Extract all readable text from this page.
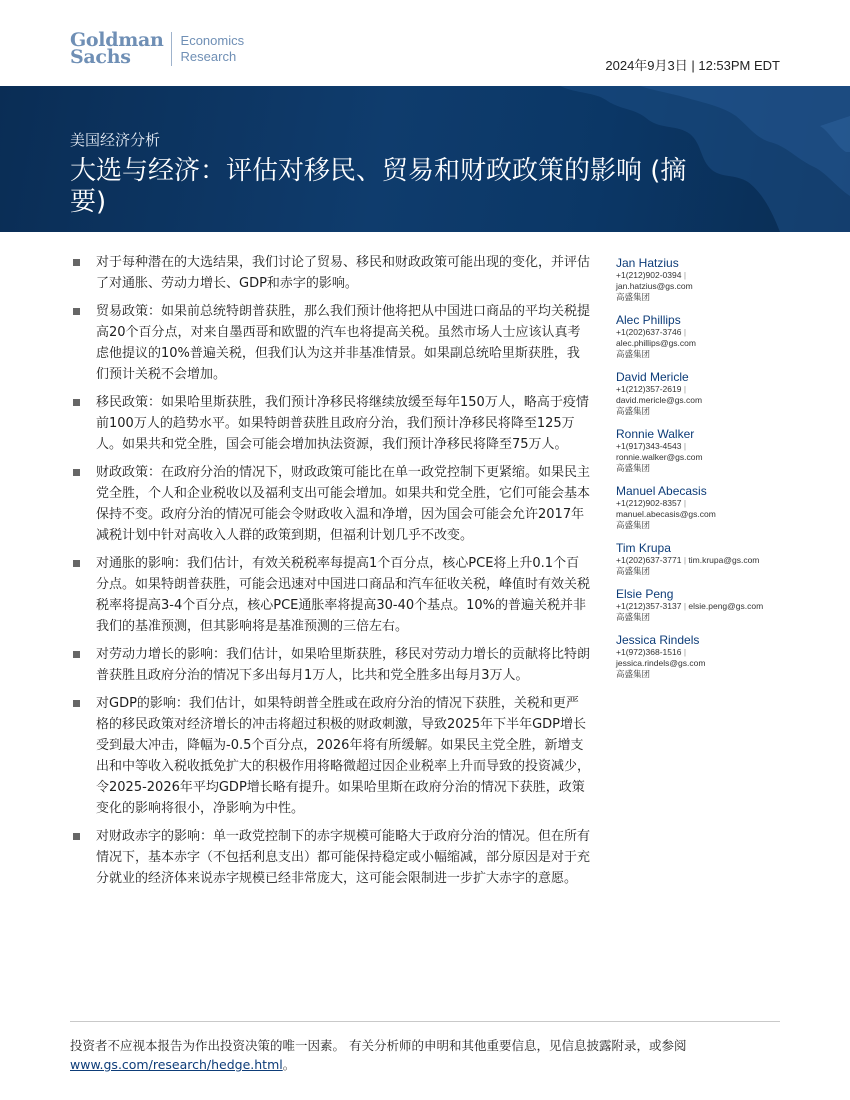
Goldman
Sachs
Economics
Research
2024年9月3日 | 12:53PM EDT
美国经济分析
大选与经济：评估对移民、贸易和财政政策的影响 (摘要)
对于每种潜在的大选结果，我们讨论了贸易、移民和财政政策可能出现的变化，并评估了对通胀、劳动力增长、GDP和赤字的影响。
贸易政策：如果前总统特朗普获胜，那么我们预计他将把从中国进口商品的平均关税提高20个百分点，对来自墨西哥和欧盟的汽车也将提高关税。虽然市场人士应该认真考虑他提议的10%普遍关税，但我们认为这并非基准情景。如果副总统哈里斯获胜，我们预计关税不会增加。
移民政策：如果哈里斯获胜，我们预计净移民将继续放缓至每年150万人，略高于疫情前100万人的趋势水平。如果特朗普获胜且政府分治，我们预计净移民将降至125万人。如果共和党全胜，国会可能会增加执法资源，我们预计净移民将降至75万人。
财政政策：在政府分治的情况下，财政政策可能比在单一政党控制下更紧缩。如果民主党全胜，个人和企业税收以及福利支出可能会增加。如果共和党全胜，它们可能会基本保持不变。政府分治的情况可能会令财政收入温和净增，因为国会可能会允许2017年减税计划中针对高收入人群的政策到期，但福利计划几乎不改变。
对通胀的影响：我们估计，有效关税税率每提高1个百分点，核心PCE将上升0.1个百分点。如果特朗普获胜，可能会迅速对中国进口商品和汽车征收关税，峰值时有效关税税率将提高3-4个百分点，核心PCE通胀率将提高30-40个基点。10%的普遍关税并非我们的基准预测，但其影响将是基准预测的三倍左右。
对劳动力增长的影响：我们估计，如果哈里斯获胜，移民对劳动力增长的贡献将比特朗普获胜且政府分治的情况下多出每月1万人，比共和党全胜多出每月3万人。
对GDP的影响：我们估计，如果特朗普全胜或在政府分治的情况下获胜，关税和更严格的移民政策对经济增长的冲击将超过积极的财政刺激，导致2025年下半年GDP增长受到最大冲击，降幅为-0.5个百分点，2026年将有所缓解。如果民主党全胜，新增支出和中等收入税收抵免扩大的积极作用将略微超过因企业税率上升而导致的投资减少，令2025-2026年平均GDP增长略有提升。如果哈里斯在政府分治的情况下获胜，政策变化的影响将很小，净影响为中性。
对财政赤字的影响：单一政党控制下的赤字规模可能略大于政府分治的情况。但在所有情况下，基本赤字（不包括利息支出）都可能保持稳定或小幅缩减，部分原因是对于充分就业的经济体来说赤字规模已经非常庞大，这可能会限制进一步扩大赤字的意愿。
Jan Hatzius
+1(212)902-0394 |
jan.hatzius@gs.com
高盛集团
Alec Phillips
+1(202)637-3746 |
alec.phillips@gs.com
高盛集团
David Mericle
+1(212)357-2619 |
david.mericle@gs.com
高盛集团
Ronnie Walker
+1(917)343-4543 |
ronnie.walker@gs.com
高盛集团
Manuel Abecasis
+1(212)902-8357 |
manuel.abecasis@gs.com
高盛集团
Tim Krupa
+1(202)637-3771 | tim.krupa@gs.com
高盛集团
Elsie Peng
+1(212)357-3137 | elsie.peng@gs.com
高盛集团
Jessica Rindels
+1(972)368-1516 |
jessica.rindels@gs.com
高盛集团
投资者不应视本报告为作出投资决策的唯一因素。 有关分析师的申明和其他重要信息，见信息披露附录，或参阅
www.gs.com/research/hedge.html。
